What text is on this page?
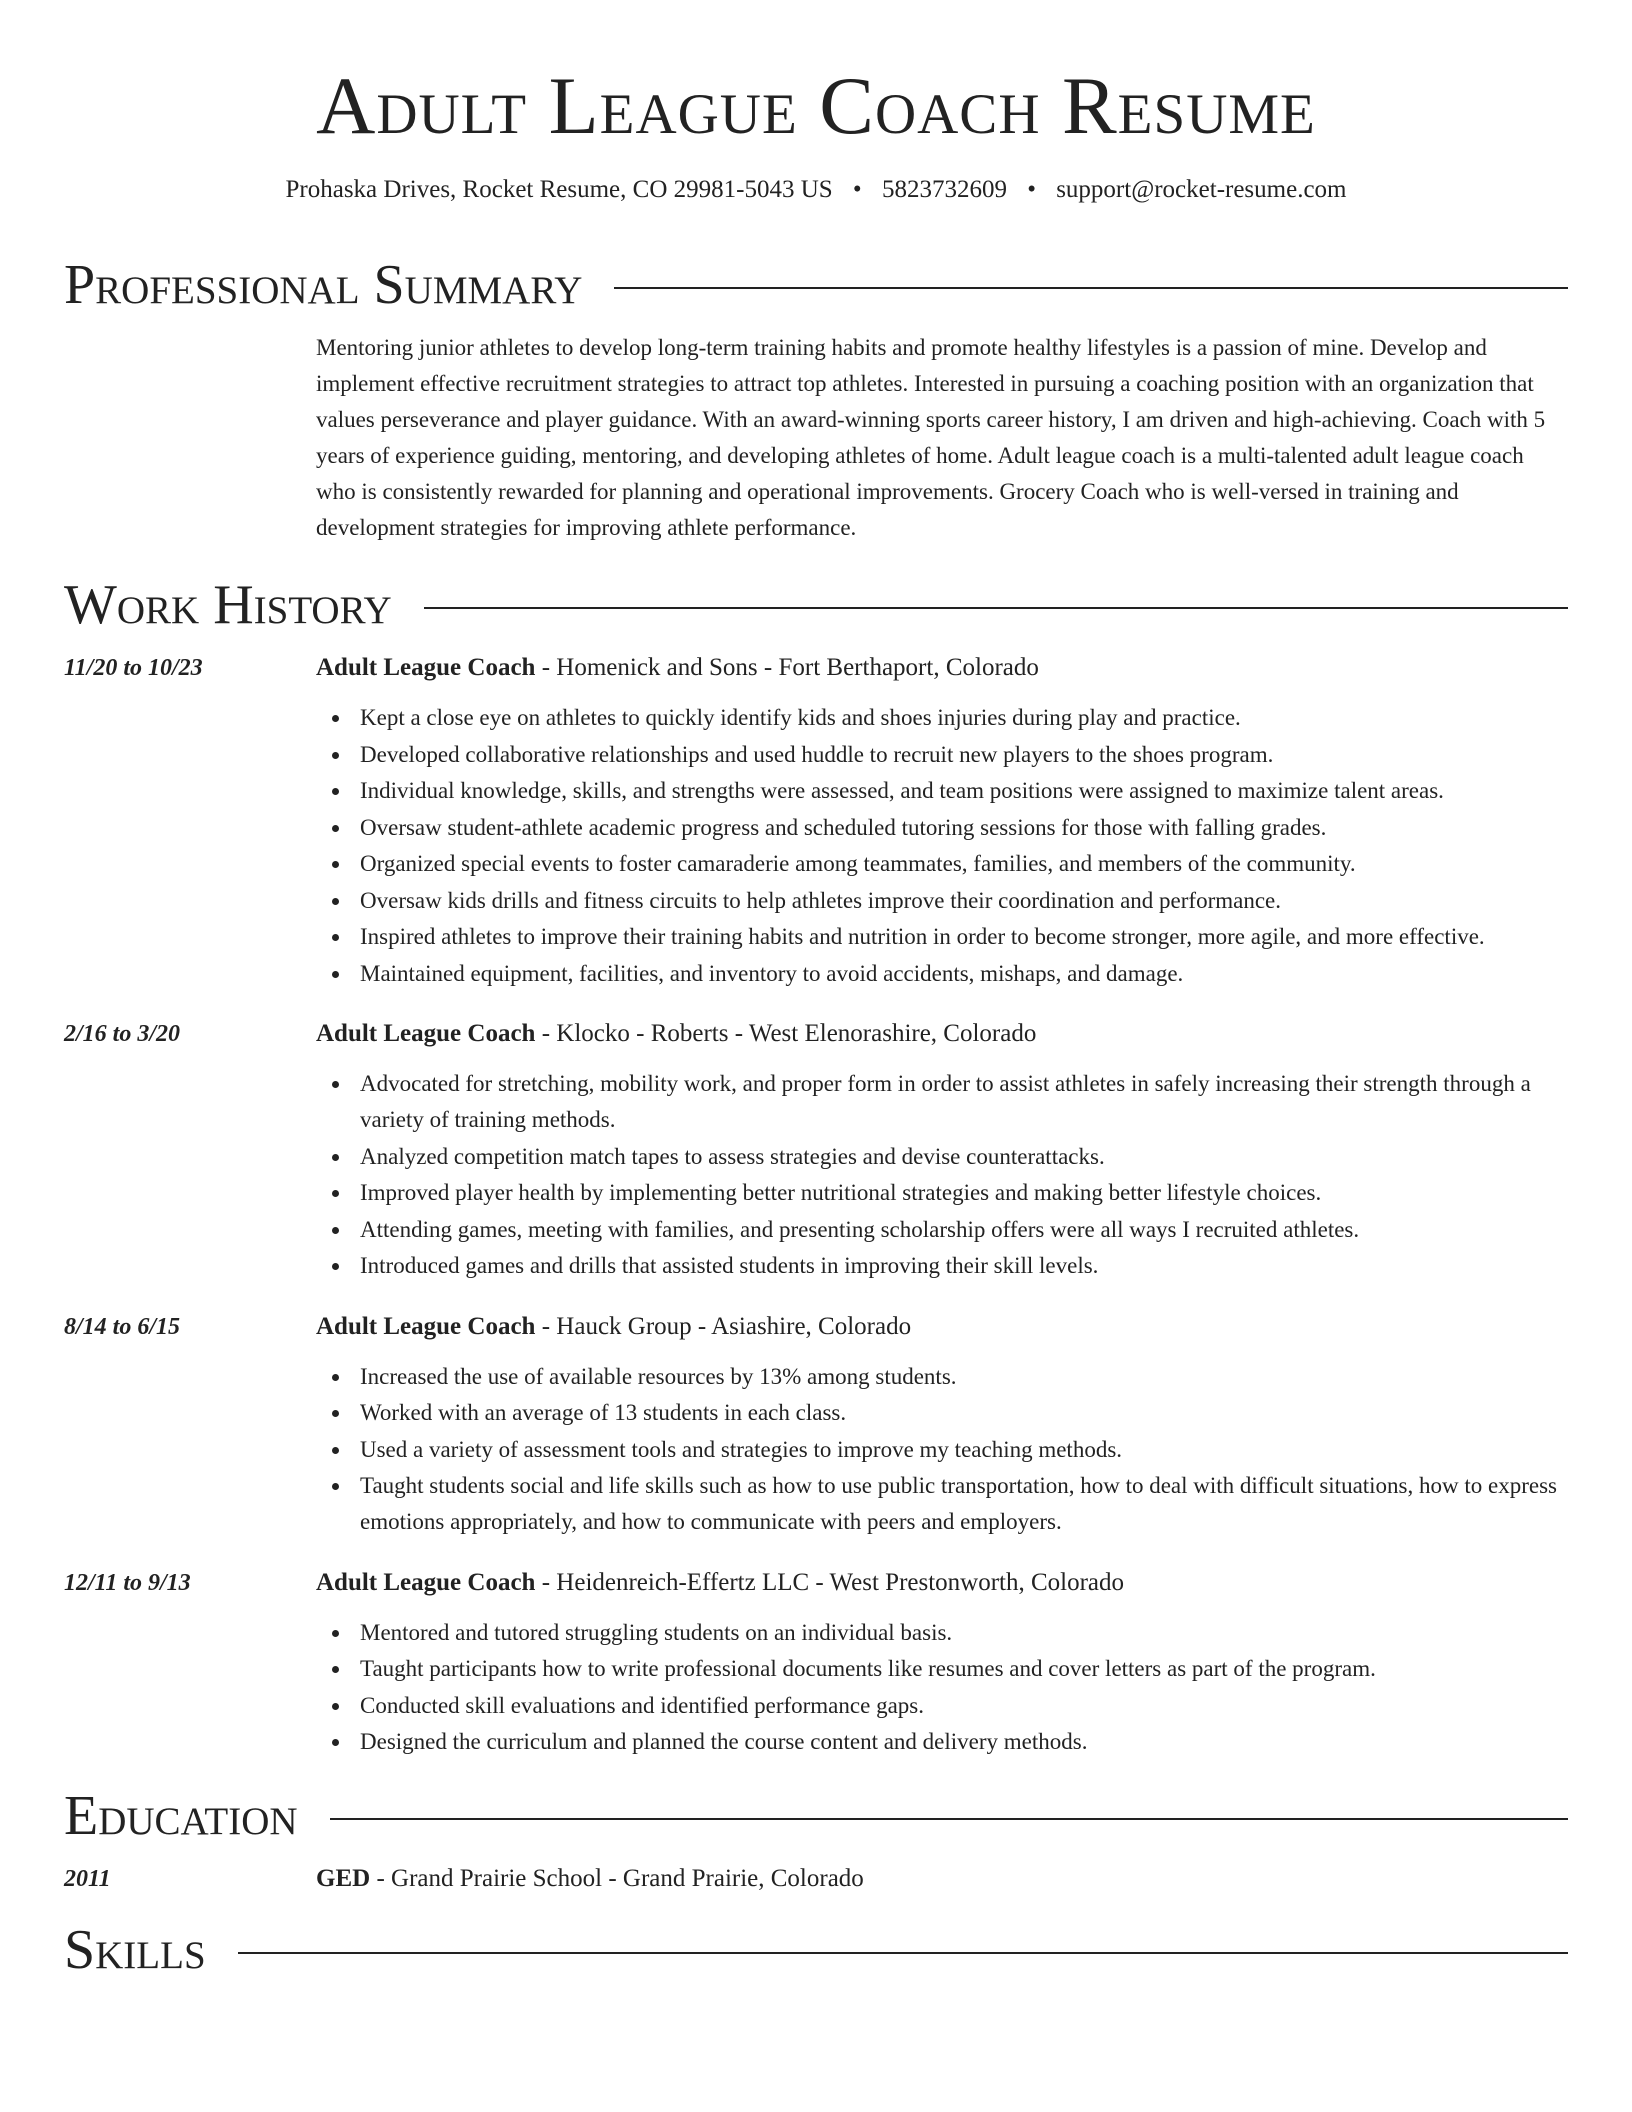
Adult League Coach Resume
Prohaska Drives, Rocket Resume, CO 29981-5043 US • 5823732609 • support@rocket-resume.com
Professional Summary

Mentoring junior athletes to develop long-term training habits and promote healthy lifestyles is a passion of mine. Develop and implement effective recruitment strategies to attract top athletes. Interested in pursuing a coaching position with an organization that values perseverance and player guidance. With an award-winning sports career history, I am driven and high-achieving. Coach with 5 years of experience guiding, mentoring, and developing athletes of home. Adult league coach is a multi-talented adult league coach who is consistently rewarded for planning and operational improvements. Grocery Coach who is well-versed in training and development strategies for improving athlete performance.

Work History
11/20 to 10/23	Adult League Coach - Homenick and Sons - Fort Berthaport, Colorado
Kept a close eye on athletes to quickly identify kids and shoes injuries during play and practice.
Developed collaborative relationships and used huddle to recruit new players to the shoes program.
Individual knowledge, skills, and strengths were assessed, and team positions were assigned to maximize talent areas.
Oversaw student-athlete academic progress and scheduled tutoring sessions for those with falling grades.
Organized special events to foster camaraderie among teammates, families, and members of the community.
Oversaw kids drills and fitness circuits to help athletes improve their coordination and performance.
Inspired athletes to improve their training habits and nutrition in order to become stronger, more agile, and more effective.
Maintained equipment, facilities, and inventory to avoid accidents, mishaps, and damage.
2/16 to 3/20	Adult League Coach - Klocko - Roberts - West Elenorashire, Colorado
Advocated for stretching, mobility work, and proper form in order to assist athletes in safely increasing their strength through a variety of training methods.
Analyzed competition match tapes to assess strategies and devise counterattacks.
Improved player health by implementing better nutritional strategies and making better lifestyle choices.
Attending games, meeting with families, and presenting scholarship offers were all ways I recruited athletes.
Introduced games and drills that assisted students in improving their skill levels.
8/14 to 6/15	Adult League Coach - Hauck Group - Asiashire, Colorado
Increased the use of available resources by 13% among students.
Worked with an average of 13 students in each class.
Used a variety of assessment tools and strategies to improve my teaching methods.
Taught students social and life skills such as how to use public transportation, how to deal with difficult situations, how to express emotions appropriately, and how to communicate with peers and employers.
12/11 to 9/13	Adult League Coach - Heidenreich-Effertz LLC - West Prestonworth, Colorado
Mentored and tutored struggling students on an individual basis.
Taught participants how to write professional documents like resumes and cover letters as part of the program.
Conducted skill evaluations and identified performance gaps.
Designed the curriculum and planned the course content and delivery methods.
Education
2011	GED - Grand Prairie School - Grand Prairie, Colorado
Skills
